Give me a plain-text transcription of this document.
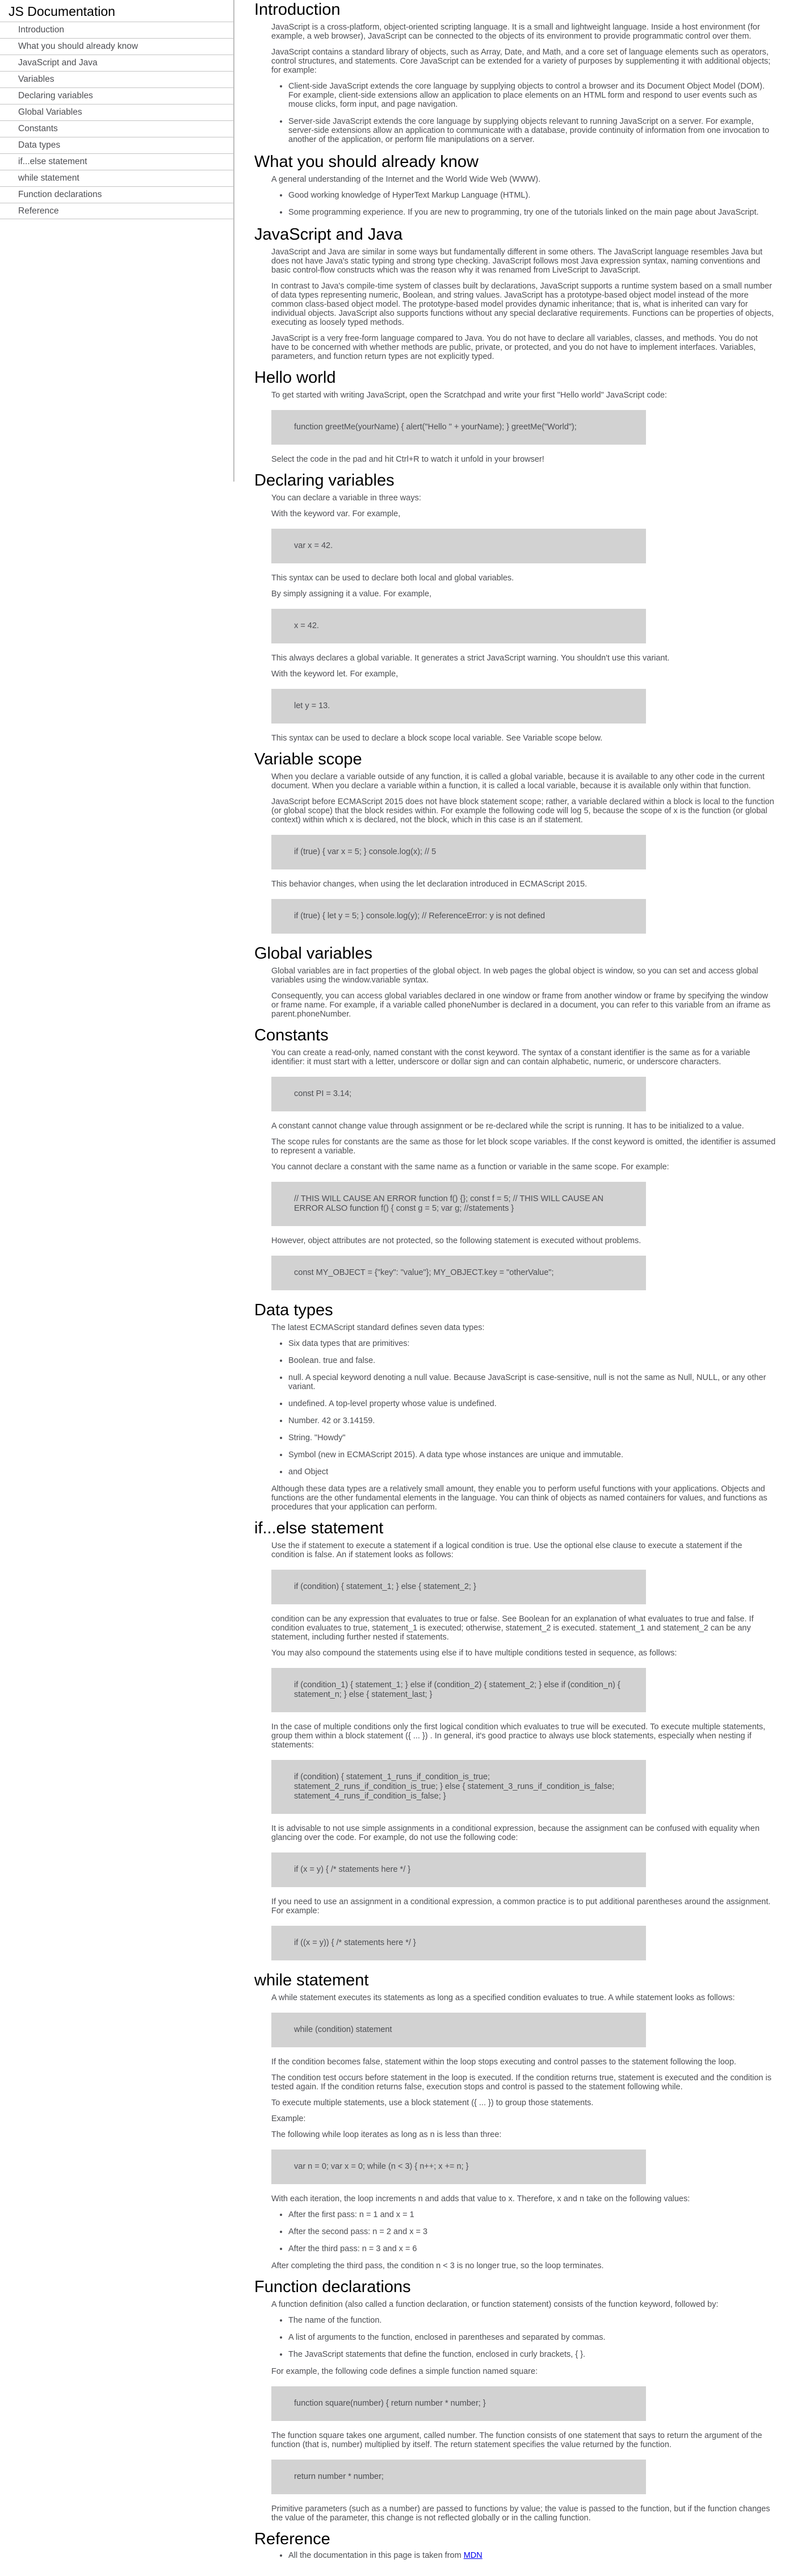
JS Documentation
Introduction
What you should already know
JavaScript and Java
Variables
Declaring variables
Global Variables
Constants
Data types
if...else statement
while statement
Function declarations
Reference
Introduction

JavaScript is a cross-platform, object-oriented scripting language. It is a small and lightweight language. Inside a host environment (for example, a web browser), JavaScript can be connected to the objects of its environment to provide programmatic control over them.

JavaScript contains a standard library of objects, such as Array, Date, and Math, and a core set of language elements such as operators, control structures, and statements. Core JavaScript can be extended for a variety of purposes by supplementing it with additional objects; for example:

• Client-side JavaScript extends the core language by supplying objects to control a browser and its Document Object Model (DOM). For example, client-side extensions allow an application to place elements on an HTML form and respond to user events such as mouse clicks, form input, and page navigation.
• Server-side JavaScript extends the core language by supplying objects relevant to running JavaScript on a server. For example, server-side extensions allow an application to communicate with a database, provide continuity of information from one invocation to another of the application, or perform file manipulations on a server.
What you should already know

A general understanding of the Internet and the World Wide Web (WWW).

• Good working knowledge of HyperText Markup Language (HTML).
• Some programming experience. If you are new to programming, try one of the tutorials linked on the main page about JavaScript.
JavaScript and Java

JavaScript and Java are similar in some ways but fundamentally different in some others. The JavaScript language resembles Java but does not have Java's static typing and strong type checking. JavaScript follows most Java expression syntax, naming conventions and basic control-flow constructs which was the reason why it was renamed from LiveScript to JavaScript.

In contrast to Java's compile-time system of classes built by declarations, JavaScript supports a runtime system based on a small number of data types representing numeric, Boolean, and string values. JavaScript has a prototype-based object model instead of the more common class-based object model. The prototype-based model provides dynamic inheritance; that is, what is inherited can vary for individual objects. JavaScript also supports functions without any special declarative requirements. Functions can be properties of objects, executing as loosely typed methods.

JavaScript is a very free-form language compared to Java. You do not have to declare all variables, classes, and methods. You do not have to be concerned with whether methods are public, private, or protected, and you do not have to implement interfaces. Variables, parameters, and function return types are not explicitly typed.

Hello world

To get started with writing JavaScript, open the Scratchpad and write your first "Hello world" JavaScript code:

function greetMe(yourName) { alert("Hello " + yourName); } greetMe("World");

Select the code in the pad and hit Ctrl+R to watch it unfold in your browser!

Declaring variables

You can declare a variable in three ways:

With the keyword var. For example,

var x = 42.

This syntax can be used to declare both local and global variables.

By simply assigning it a value. For example,

x = 42.

This always declares a global variable. It generates a strict JavaScript warning. You shouldn't use this variant.

With the keyword let. For example,

let y = 13.

This syntax can be used to declare a block scope local variable. See Variable scope below.

Variable scope

When you declare a variable outside of any function, it is called a global variable, because it is available to any other code in the current document. When you declare a variable within a function, it is called a local variable, because it is available only within that function.

JavaScript before ECMAScript 2015 does not have block statement scope; rather, a variable declared within a block is local to the function (or global scope) that the block resides within. For example the following code will log 5, because the scope of x is the function (or global context) within which x is declared, not the block, which in this case is an if statement.

if (true) { var x = 5; } console.log(x); // 5

This behavior changes, when using the let declaration introduced in ECMAScript 2015.

if (true) { let y = 5; } console.log(y); // ReferenceError: y is not defined
Global variables

Global variables are in fact properties of the global object. In web pages the global object is window, so you can set and access global variables using the window.variable syntax.

Consequently, you can access global variables declared in one window or frame from another window or frame by specifying the window or frame name. For example, if a variable called phoneNumber is declared in a document, you can refer to this variable from an iframe as parent.phoneNumber.

Constants

You can create a read-only, named constant with the const keyword. The syntax of a constant identifier is the same as for a variable identifier: it must start with a letter, underscore or dollar sign and can contain alphabetic, numeric, or underscore characters.

const PI = 3.14;

A constant cannot change value through assignment or be re-declared while the script is running. It has to be initialized to a value.

The scope rules for constants are the same as those for let block scope variables. If the const keyword is omitted, the identifier is assumed to represent a variable.

You cannot declare a constant with the same name as a function or variable in the same scope. For example:

// THIS WILL CAUSE AN ERROR function f() {}; const f = 5; // THIS WILL CAUSE AN ERROR ALSO function f() { const g = 5; var g; //statements }

However, object attributes are not protected, so the following statement is executed without problems.

const MY_OBJECT = {"key": "value"}; MY_OBJECT.key = "otherValue";
Data types

The latest ECMAScript standard defines seven data types:

• Six data types that are primitives:
• Boolean. true and false.
• null. A special keyword denoting a null value. Because JavaScript is case-sensitive, null is not the same as Null, NULL, or any other variant.
• undefined. A top-level property whose value is undefined.
• Number. 42 or 3.14159.
• String. "Howdy"
• Symbol (new in ECMAScript 2015). A data type whose instances are unique and immutable.
• and Object

Although these data types are a relatively small amount, they enable you to perform useful functions with your applications. Objects and functions are the other fundamental elements in the language. You can think of objects as named containers for values, and functions as procedures that your application can perform.

if...else statement

Use the if statement to execute a statement if a logical condition is true. Use the optional else clause to execute a statement if the condition is false. An if statement looks as follows:

if (condition) { statement_1; } else { statement_2; }

condition can be any expression that evaluates to true or false. See Boolean for an explanation of what evaluates to true and false. If condition evaluates to true, statement_1 is executed; otherwise, statement_2 is executed. statement_1 and statement_2 can be any statement, including further nested if statements.

You may also compound the statements using else if to have multiple conditions tested in sequence, as follows:

if (condition_1) { statement_1; } else if (condition_2) { statement_2; } else if (condition_n) { statement_n; } else { statement_last; }

In the case of multiple conditions only the first logical condition which evaluates to true will be executed. To execute multiple statements, group them within a block statement ({ ... }) . In general, it's good practice to always use block statements, especially when nesting if statements:

if (condition) { statement_1_runs_if_condition_is_true; statement_2_runs_if_condition_is_true; } else { statement_3_runs_if_condition_is_false; statement_4_runs_if_condition_is_false; }

It is advisable to not use simple assignments in a conditional expression, because the assignment can be confused with equality when glancing over the code. For example, do not use the following code:

if (x = y) { /* statements here */ }

If you need to use an assignment in a conditional expression, a common practice is to put additional parentheses around the assignment. For example:

if ((x = y)) { /* statements here */ }
while statement

A while statement executes its statements as long as a specified condition evaluates to true. A while statement looks as follows:

while (condition) statement

If the condition becomes false, statement within the loop stops executing and control passes to the statement following the loop.

The condition test occurs before statement in the loop is executed. If the condition returns true, statement is executed and the condition is tested again. If the condition returns false, execution stops and control is passed to the statement following while.

To execute multiple statements, use a block statement ({ ... }) to group those statements.

Example:

The following while loop iterates as long as n is less than three:

var n = 0; var x = 0; while (n < 3) { n++; x += n; }

With each iteration, the loop increments n and adds that value to x. Therefore, x and n take on the following values:

• After the first pass: n = 1 and x = 1
• After the second pass: n = 2 and x = 3
• After the third pass: n = 3 and x = 6

After completing the third pass, the condition n < 3 is no longer true, so the loop terminates.

Function declarations

A function definition (also called a function declaration, or function statement) consists of the function keyword, followed by:

• The name of the function.
• A list of arguments to the function, enclosed in parentheses and separated by commas.
• The JavaScript statements that define the function, enclosed in curly brackets, { }.

For example, the following code defines a simple function named square:

function square(number) { return number * number; }

The function square takes one argument, called number. The function consists of one statement that says to return the argument of the function (that is, number) multiplied by itself. The return statement specifies the value returned by the function.

return number * number;

Primitive parameters (such as a number) are passed to functions by value; the value is passed to the function, but if the function changes the value of the parameter, this change is not reflected globally or in the calling function.

Reference
• All the documentation in this page is taken from MDN
